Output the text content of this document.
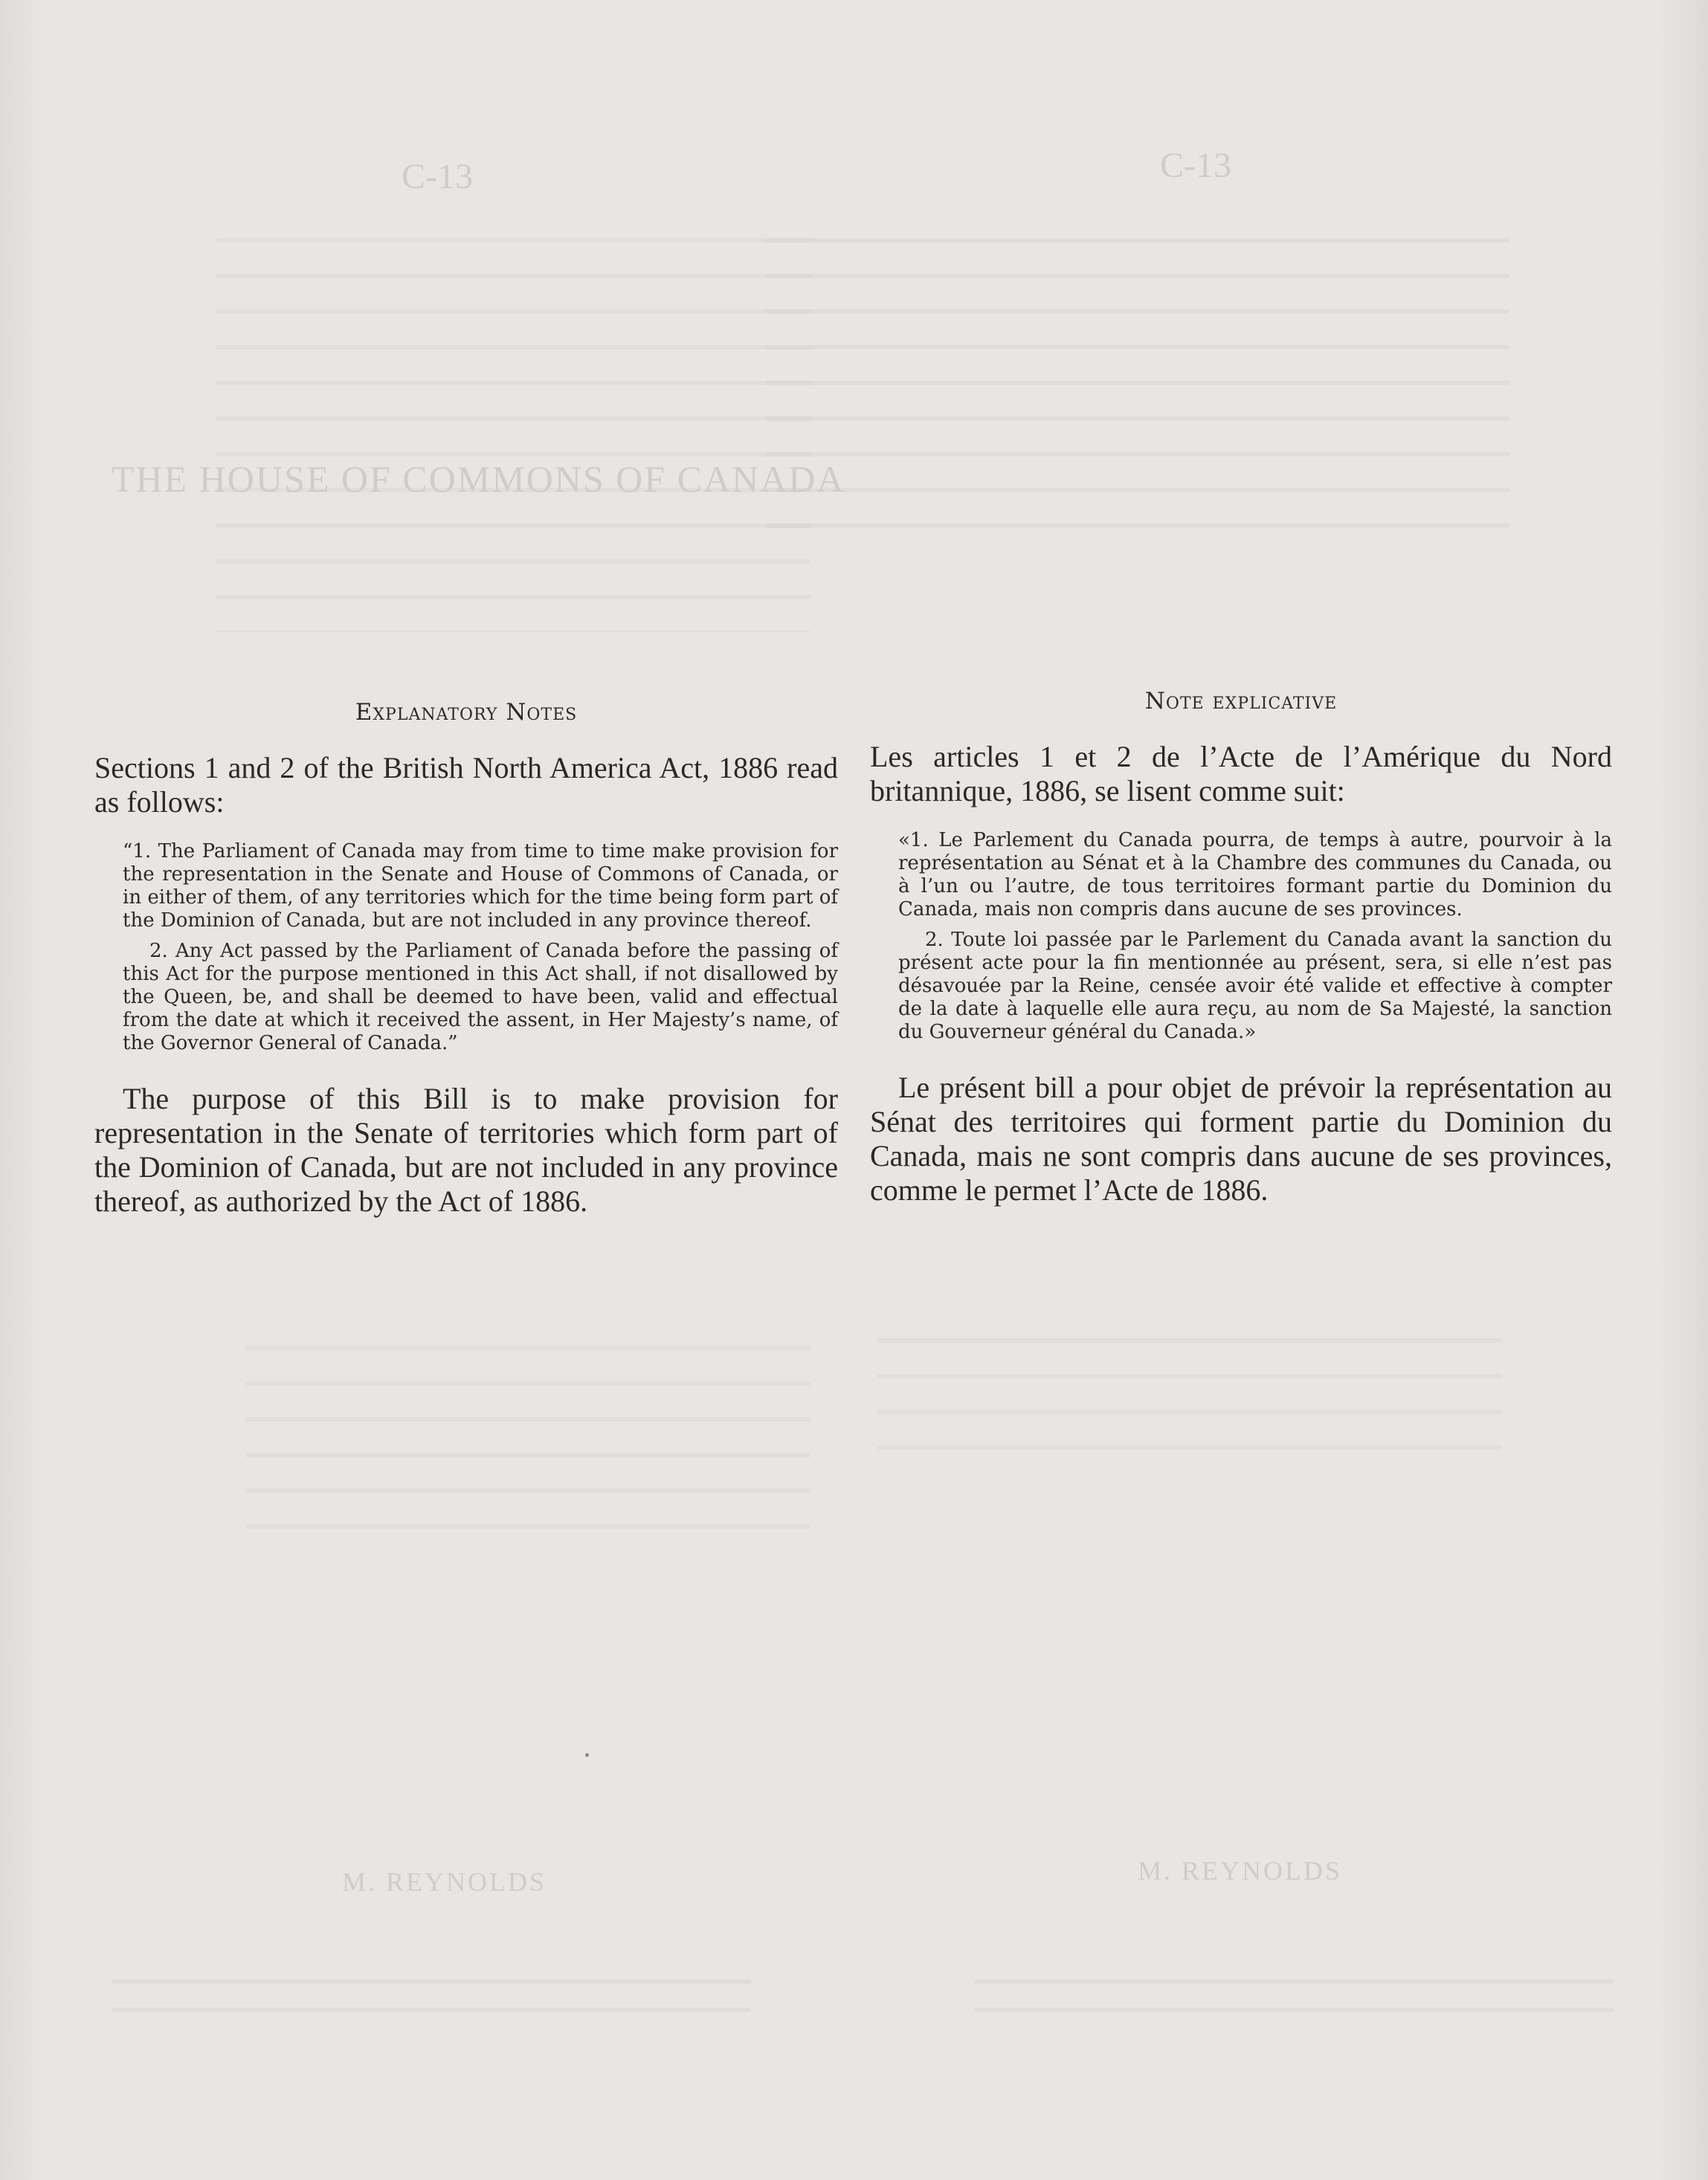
C-13	C-13
THE HOUSE OF COMMONS OF CANADA
M. REYNOLDS	M. REYNOLDS
Explanatory Notes

Sections 1 and 2 of the British North America Act, 1886 read as follows:

“1. The Parliament of Canada may from time to time make provision for the representation in the Senate and House of Commons of Canada, or in either of them, of any territories which for the time being form part of the Dominion of Canada, but are not included in any province thereof.

2. Any Act passed by the Parliament of Canada before the passing of this Act for the purpose mentioned in this Act shall, if not disallowed by the Queen, be, and shall be deemed to have been, valid and effectual from the date at which it received the assent, in Her Majesty’s name, of the Governor General of Canada.”

The purpose of this Bill is to make provision for representation in the Senate of territories which form part of the Dominion of Canada, but are not included in any province thereof, as authorized by the Act of 1886.

Note explicative

Les articles 1 et 2 de l’Acte de l’Amérique du Nord britannique, 1886, se lisent comme suit:

«1. Le Parlement du Canada pourra, de temps à autre, pourvoir à la représentation au Sénat et à la Chambre des communes du Canada, ou à l’un ou l’autre, de tous territoires formant partie du Dominion du Canada, mais non compris dans aucune de ses provinces.

2. Toute loi passée par le Parlement du Canada avant la sanction du présent acte pour la fin mentionnée au présent, sera, si elle n’est pas désavouée par la Reine, censée avoir été valide et effective à compter de la date à laquelle elle aura reçu, au nom de Sa Majesté, la sanction du Gouverneur général du Canada.»

Le présent bill a pour objet de prévoir la représentation au Sénat des territoires qui forment partie du Dominion du Canada, mais ne sont compris dans aucune de ses provinces, comme le permet l’Acte de 1886.
